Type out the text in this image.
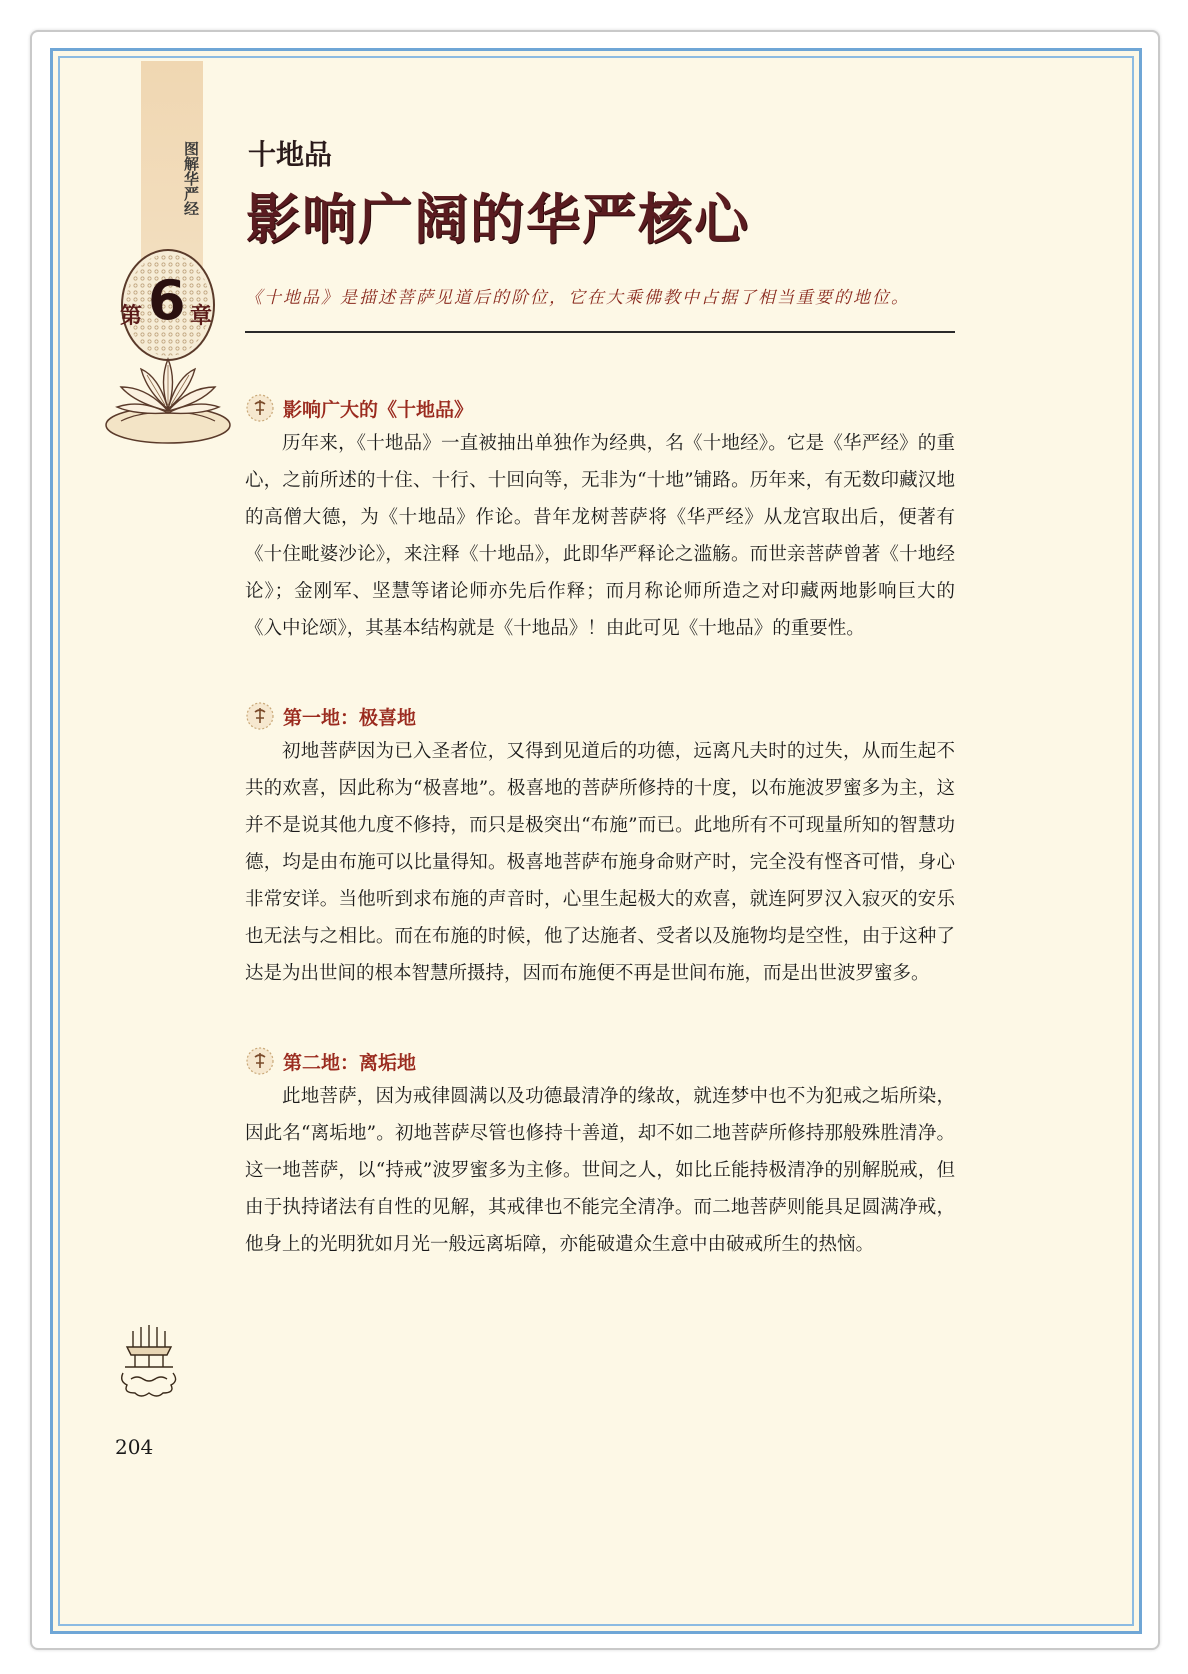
图解华严经
第 6 章
十地品
影响广阔的华严核心
《十地品》是描述菩萨见道后的阶位，它在大乘佛教中占据了相当重要的地位。
影响广大的《十地品》

历年来，《十地品》一直被抽出单独作为经典，名《十地经》。它是《华严经》的重心，之前所述的十住、十行、十回向等，无非为“十地”铺路。历年来，有无数印藏汉地的高僧大德，为《十地品》作论。昔年龙树菩萨将《华严经》从龙宫取出后，便著有《十住毗婆沙论》，来注释《十地品》，此即华严释论之滥觞。而世亲菩萨曾著《十地经论》；金刚军、坚慧等诸论师亦先后作释；而月称论师所造之对印藏两地影响巨大的《入中论颂》，其基本结构就是《十地品》！由此可见《十地品》的重要性。

第一地：极喜地

初地菩萨因为已入圣者位，又得到见道后的功德，远离凡夫时的过失，从而生起不共的欢喜，因此称为“极喜地”。极喜地的菩萨所修持的十度，以布施波罗蜜多为主，这并不是说其他九度不修持，而只是极突出“布施”而已。此地所有不可现量所知的智慧功德，均是由布施可以比量得知。极喜地菩萨布施身命财产时，完全没有悭吝可惜，身心非常安详。当他听到求布施的声音时，心里生起极大的欢喜，就连阿罗汉入寂灭的安乐也无法与之相比。而在布施的时候，他了达施者、受者以及施物均是空性，由于这种了达是为出世间的根本智慧所摄持，因而布施便不再是世间布施，而是出世波罗蜜多。

第二地：离垢地

此地菩萨，因为戒律圆满以及功德最清净的缘故，就连梦中也不为犯戒之垢所染，因此名“离垢地”。初地菩萨尽管也修持十善道，却不如二地菩萨所修持那般殊胜清净。这一地菩萨，以“持戒”波罗蜜多为主修。世间之人，如比丘能持极清净的别解脱戒，但由于执持诸法有自性的见解，其戒律也不能完全清净。而二地菩萨则能具足圆满净戒，他身上的光明犹如月光一般远离垢障，亦能破遣众生意中由破戒所生的热恼。

204
